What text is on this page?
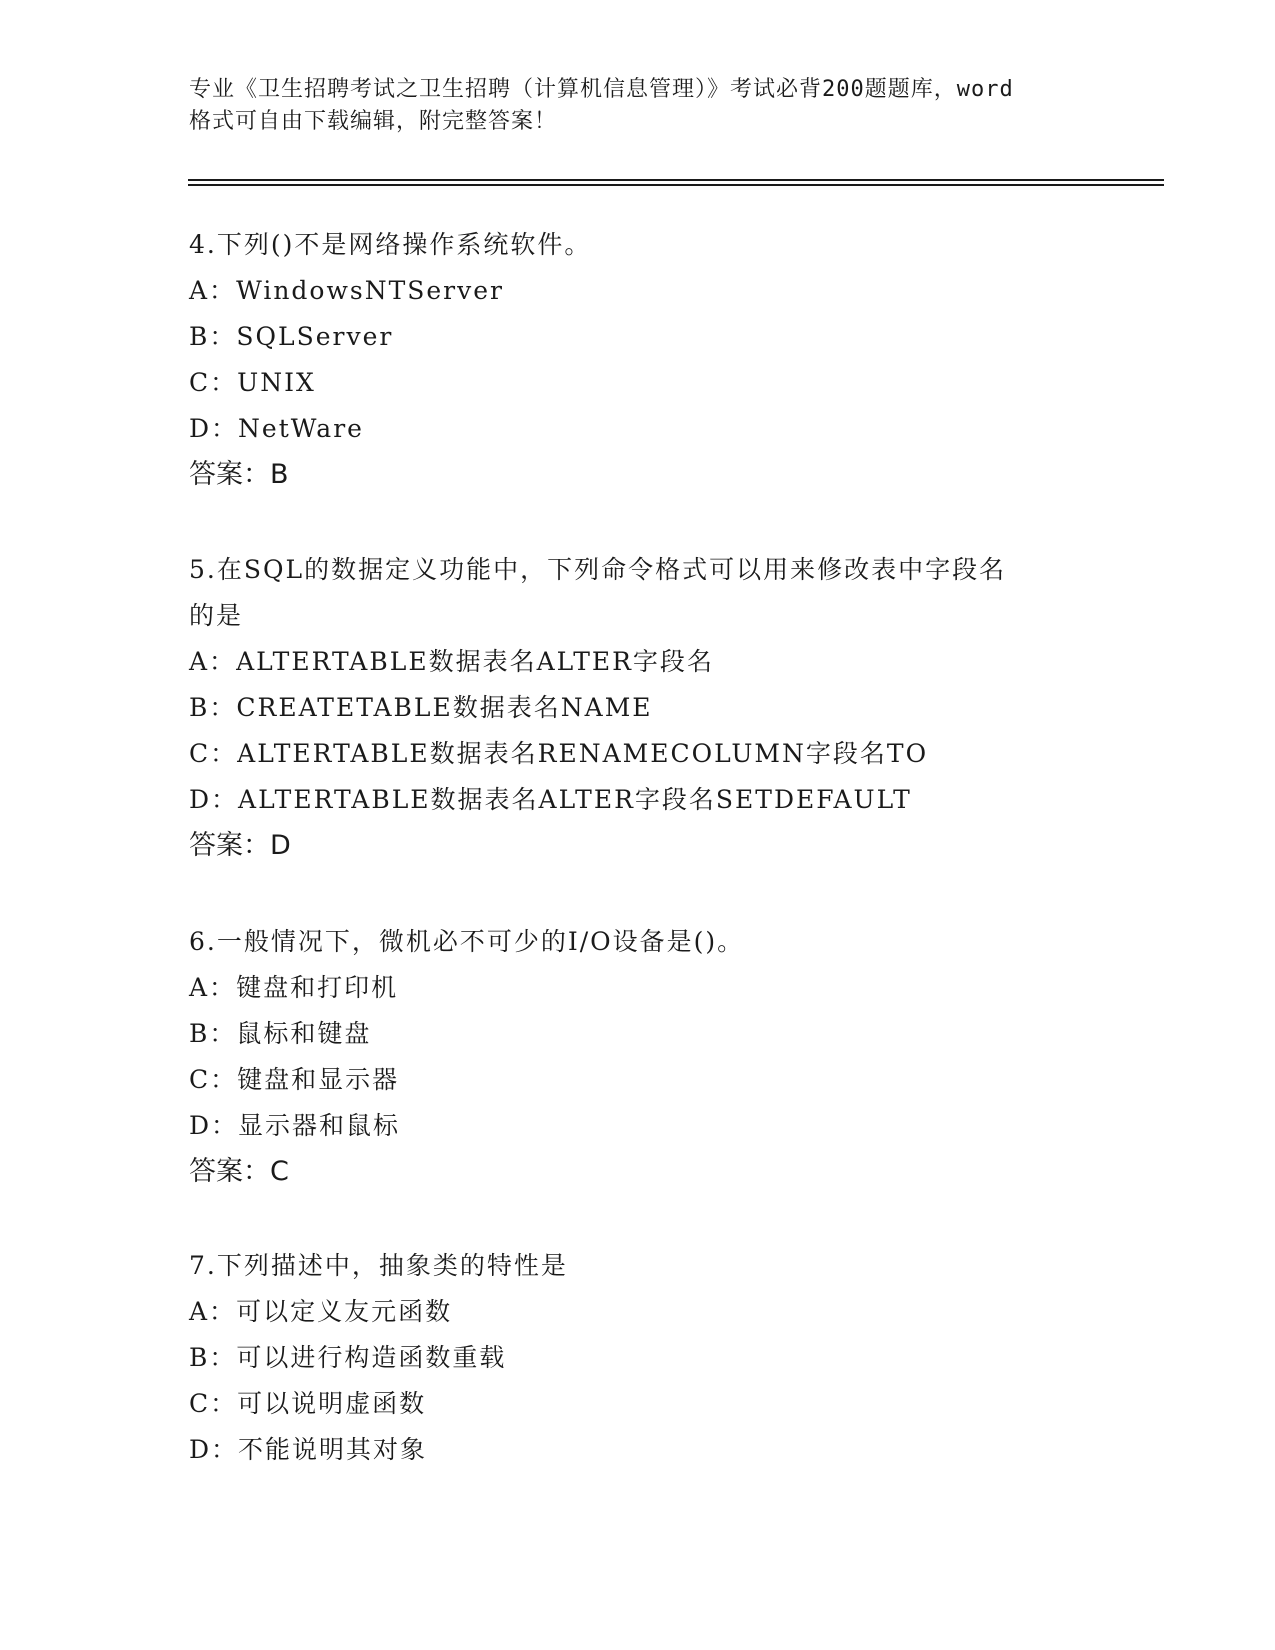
专业《卫生招聘考试之卫生招聘（计算机信息管理）》考试必背200题题库，word
格式可自由下载编辑，附完整答案！
4.下列()不是网络操作系统软件。
A：WindowsNTServer
B：SQLServer
C：UNIX
D：NetWare
答案：B
5.在SQL的数据定义功能中，下列命令格式可以用来修改表中字段名
的是
A：ALTERTABLE数据表名ALTER字段名
B：CREATETABLE数据表名NAME
C：ALTERTABLE数据表名RENAMECOLUMN字段名TO
D：ALTERTABLE数据表名ALTER字段名SETDEFAULT
答案：D
6.一般情况下，微机必不可少的I/O设备是()。
A：键盘和打印机
B：鼠标和键盘
C：键盘和显示器
D：显示器和鼠标
答案：C
7.下列描述中，抽象类的特性是
A：可以定义友元函数
B：可以进行构造函数重载
C：可以说明虚函数
D：不能说明其对象
